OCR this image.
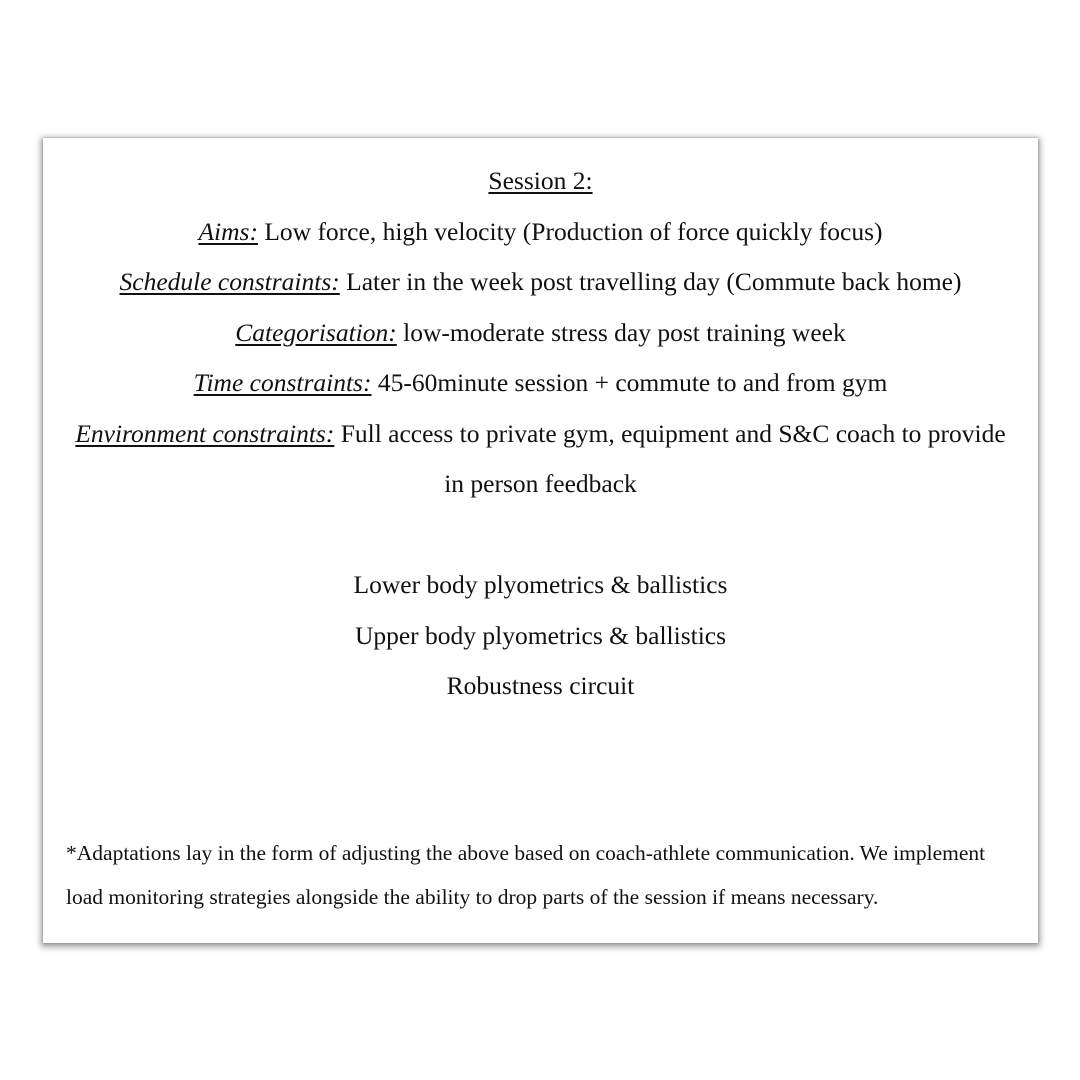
Session 2:

Aims: Low force, high velocity (Production of force quickly focus)

Schedule constraints: Later in the week post travelling day (Commute back home)

Categorisation: low-moderate stress day post training week

Time constraints: 45-60minute session + commute to and from gym

Environment constraints: Full access to private gym, equipment and S&C coach to provide in person feedback

Lower body plyometrics & ballistics

Upper body plyometrics & ballistics

Robustness circuit

*Adaptations lay in the form of adjusting the above based on coach-athlete communication. We implement load monitoring strategies alongside the ability to drop parts of the session if means necessary.
